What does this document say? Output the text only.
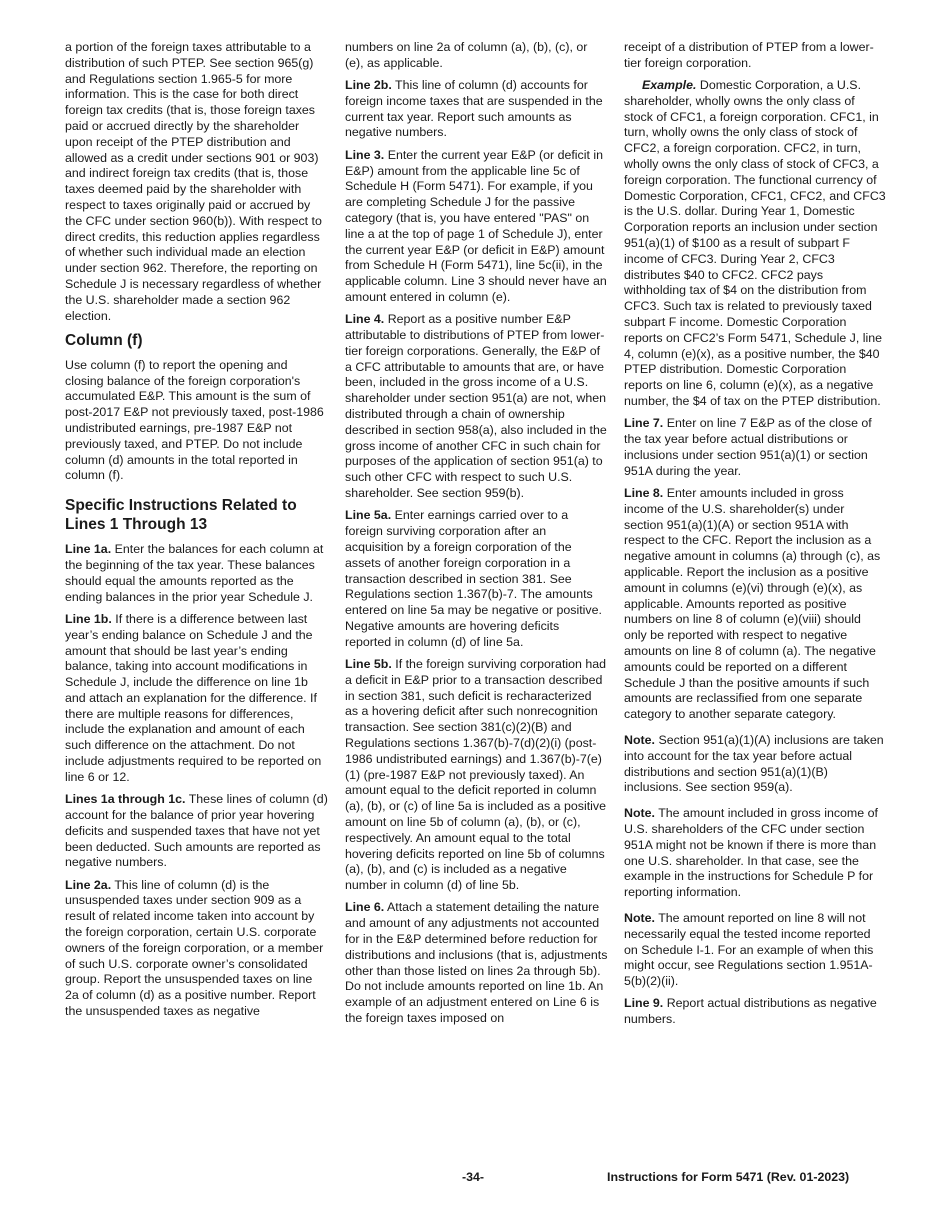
a portion of the foreign taxes attributable to a distribution of such PTEP. See section 965(g) and Regulations section 1.965-5 for more information. This is the case for both direct foreign tax credits (that is, those foreign taxes paid or accrued directly by the shareholder upon receipt of the PTEP distribution and allowed as a credit under sections 901 or 903) and indirect foreign tax credits (that is, those taxes deemed paid by the shareholder with respect to taxes originally paid or accrued by the CFC under section 960(b)). With respect to direct credits, this reduction applies regardless of whether such individual made an election under section 962. Therefore, the reporting on Schedule J is necessary regardless of whether the U.S. shareholder made a section 962 election.

Column (f)

Use column (f) to report the opening and closing balance of the foreign corporation's accumulated E&P. This amount is the sum of post-2017 E&P not previously taxed, post-1986 undistributed earnings, pre-1987 E&P not previously taxed, and PTEP. Do not include column (d) amounts in the total reported in column (f).

Specific Instructions Related to Lines 1 Through 13

Line 1a. Enter the balances for each column at the beginning of the tax year. These balances should equal the amounts reported as the ending balances in the prior year Schedule J.

Line 1b. If there is a difference between last year’s ending balance on Schedule J and the amount that should be last year’s ending balance, taking into account modifications in Schedule J, include the difference on line 1b and attach an explanation for the difference. If there are multiple reasons for differences, include the explanation and amount of each such difference on the attachment. Do not include adjustments required to be reported on line 6 or 12.

Lines 1a through 1c. These lines of column (d) account for the balance of prior year hovering deficits and suspended taxes that have not yet been deducted. Such amounts are reported as negative numbers.

Line 2a. This line of column (d) is the unsuspended taxes under section 909 as a result of related income taken into account by the foreign corporation, certain U.S. corporate owners of the foreign corporation, or a member of such U.S. corporate owner’s consolidated group. Report the unsuspended taxes on line 2a of column (d) as a positive number. Report the unsuspended taxes as negative

numbers on line 2a of column (a), (b), (c), or (e), as applicable.

Line 2b. This line of column (d) accounts for foreign income taxes that are suspended in the current tax year. Report such amounts as negative numbers.

Line 3. Enter the current year E&P (or deficit in E&P) amount from the applicable line 5c of Schedule H (Form 5471). For example, if you are completing Schedule J for the passive category (that is, you have entered "PAS" on line a at the top of page 1 of Schedule J), enter the current year E&P (or deficit in E&P) amount from Schedule H (Form 5471), line 5c(ii), in the applicable column. Line 3 should never have an amount entered in column (e).

Line 4. Report as a positive number E&P attributable to distributions of PTEP from lower-tier foreign corporations. Generally, the E&P of a CFC attributable to amounts that are, or have been, included in the gross income of a U.S. shareholder under section 951(a) are not, when distributed through a chain of ownership described in section 958(a), also included in the gross income of another CFC in such chain for purposes of the application of section 951(a) to such other CFC with respect to such U.S. shareholder. See section 959(b).

Line 5a. Enter earnings carried over to a foreign surviving corporation after an acquisition by a foreign corporation of the assets of another foreign corporation in a transaction described in section 381. See Regulations section 1.367(b)-7. The amounts entered on line 5a may be negative or positive. Negative amounts are hovering deficits reported in column (d) of line 5a.

Line 5b. If the foreign surviving corporation had a deficit in E&P prior to a transaction described in section 381, such deficit is recharacterized as a hovering deficit after such nonrecognition transaction. See section 381(c)(2)(B) and Regulations sections 1.367(b)-7(d)(2)(i) (post-1986 undistributed earnings) and 1.367(b)-7(e)(1) (pre-1987 E&P not previously taxed). An amount equal to the deficit reported in column (a), (b), or (c) of line 5a is included as a positive amount on line 5b of column (a), (b), or (c), respectively. An amount equal to the total hovering deficits reported on line 5b of columns (a), (b), and (c) is included as a negative number in column (d) of line 5b.

Line 6. Attach a statement detailing the nature and amount of any adjustments not accounted for in the E&P determined before reduction for distributions and inclusions (that is, adjustments other than those listed on lines 2a through 5b). Do not include amounts reported on line 1b. An example of an adjustment entered on Line 6 is the foreign taxes imposed on

receipt of a distribution of PTEP from a lower-tier foreign corporation.

Example. Domestic Corporation, a U.S. shareholder, wholly owns the only class of stock of CFC1, a foreign corporation. CFC1, in turn, wholly owns the only class of stock of CFC2, a foreign corporation. CFC2, in turn, wholly owns the only class of stock of CFC3, a foreign corporation. The functional currency of Domestic Corporation, CFC1, CFC2, and CFC3 is the U.S. dollar. During Year 1, Domestic Corporation reports an inclusion under section 951(a)(1) of $100 as a result of subpart F income of CFC3. During Year 2, CFC3 distributes $40 to CFC2. CFC2 pays withholding tax of $4 on the distribution from CFC3. Such tax is related to previously taxed subpart F income. Domestic Corporation reports on CFC2’s Form 5471, Schedule J, line 4, column (e)(x), as a positive number, the $40 PTEP distribution. Domestic Corporation reports on line 6, column (e)(x), as a negative number, the $4 of tax on the PTEP distribution.

Line 7. Enter on line 7 E&P as of the close of the tax year before actual distributions or inclusions under section 951(a)(1) or section 951A during the year.

Line 8. Enter amounts included in gross income of the U.S. shareholder(s) under section 951(a)(1)(A) or section 951A with respect to the CFC. Report the inclusion as a negative amount in columns (a) through (c), as applicable. Report the inclusion as a positive amount in columns (e)(vi) through (e)(x), as applicable. Amounts reported as positive numbers on line 8 of column (e)(viii) should only be reported with respect to negative amounts on line 8 of column (a). The negative amounts could be reported on a different Schedule J than the positive amounts if such amounts are reclassified from one separate category to another separate category.

Note. Section 951(a)(1)(A) inclusions are taken into account for the tax year before actual distributions and section 951(a)(1)(B) inclusions. See section 959(a).

Note. The amount included in gross income of U.S. shareholders of the CFC under section 951A might not be known if there is more than one U.S. shareholder. In that case, see the example in the instructions for Schedule P for reporting information.

Note. The amount reported on line 8 will not necessarily equal the tested income reported on Schedule I-1. For an example of when this might occur, see Regulations section 1.951A-5(b)(2)(ii).

Line 9. Report actual distributions as negative numbers.

-34-	Instructions for Form 5471 (Rev. 01-2023)
